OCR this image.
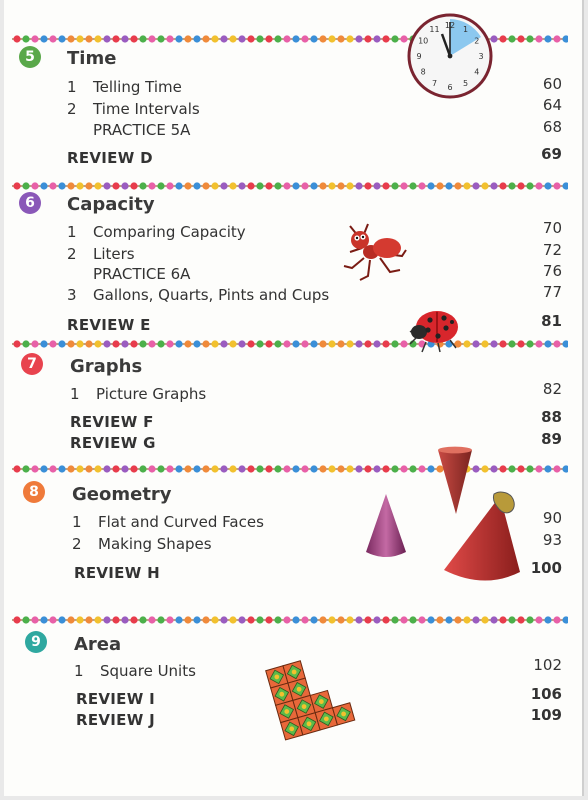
5	Time
1 Telling Time	60
2 Time Intervals	64
PRACTICE 5A	68
REVIEW D	69
6	Capacity
1 Comparing Capacity	70
2 Liters	72
PRACTICE 6A	76
3 Gallons, Quarts, Pints and Cups	77
REVIEW E	81
7	Graphs
1 Picture Graphs	82
REVIEW F	88
REVIEW G	89
8	Geometry
1 Flat and Curved Faces	90
2 Making Shapes	93
REVIEW H	100
9	Area
1 Square Units	102
REVIEW I	106
REVIEW J	109
12 1
2
3
4
5
6
7
8
9
10
11
